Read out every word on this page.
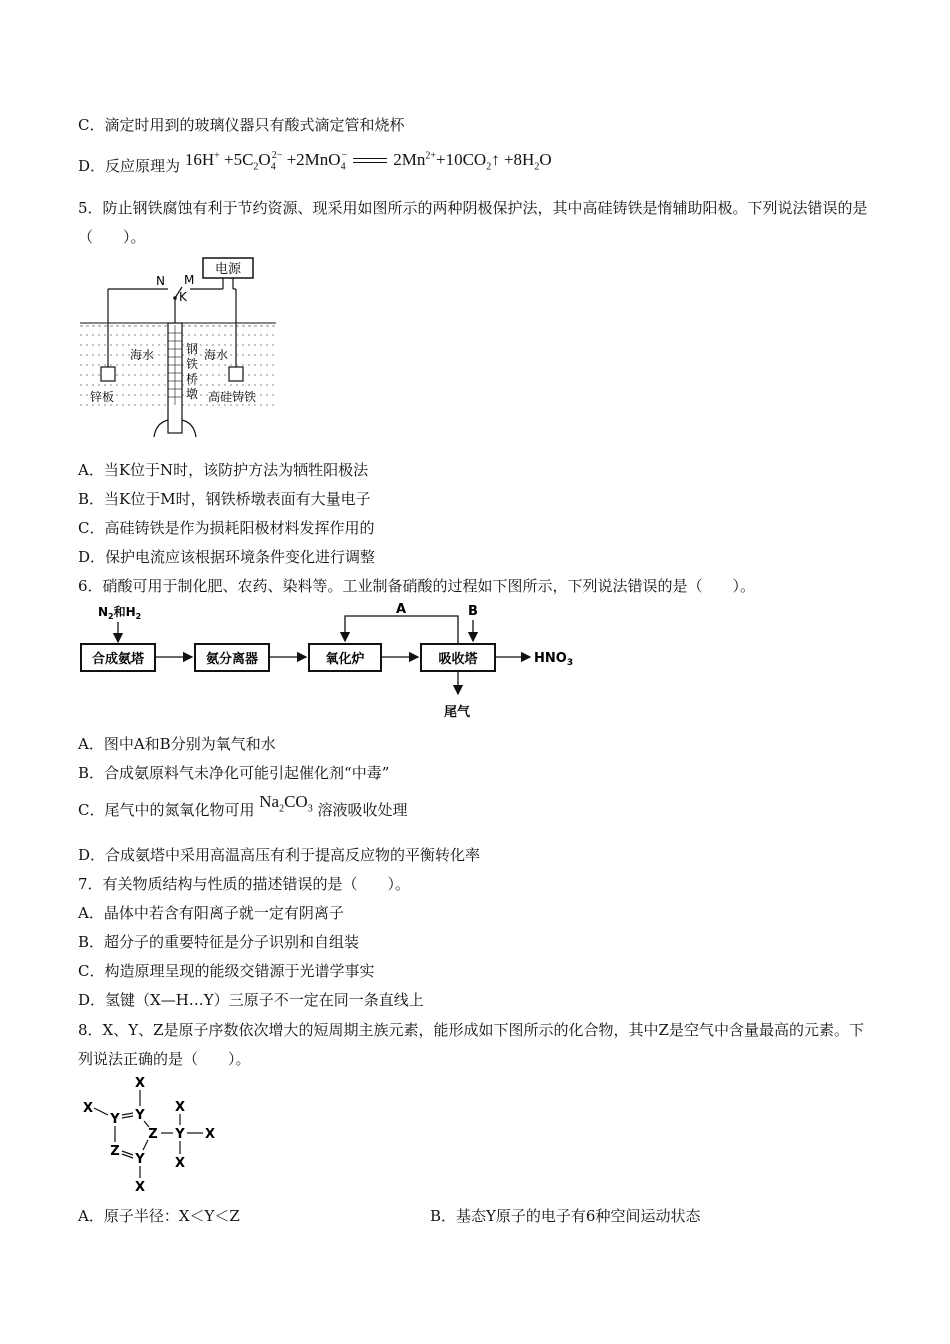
C．滴定时用到的玻璃仪器只有酸式滴定管和烧杯
D．反应原理为 $16H^+ +5C_2O_4^{2-} +2MnO_4^-$	$2Mn^{2+}+10CO_2↑ +8H_2O$
5．防止钢铁腐蚀有利于节约资源、现采用如图所示的两种阴极保护法，其中高硅铸铁是惰辅助阳极。下列说法错误的是（　　）。
电源
N M
K
钢
铁
桥
墩
海水	海水
锌板	高硅铸铁
A．当K位于N时，该防护方法为牺牲阳极法
B．当K位于M时，钢铁桥墩表面有大量电子
C．高硅铸铁是作为损耗阳极材料发挥作用的
D．保护电流应该根据环境条件变化进行调整
6．硝酸可用于制化肥、农药、染料等。工业制备硝酸的过程如下图所示，下列说法错误的是（　　）。
$N_2$和$H_2$
合成氨塔	氨分离器	氧化炉	吸收塔	$HNO_3$
A	B
尾气
A．图中A和B分别为氧气和水
B．合成氨原料气未净化可能引起催化剂“中毒”
C．尾气中的氮氧化物可用 $Na_2CO_3$ 溶液吸收处理
D．合成氨塔中采用高温高压有利于提高反应物的平衡转化率
7．有关物质结构与性质的描述错误的是（　　）。
A．晶体中若含有阳离子就一定有阴离子
B．超分子的重要特征是分子识别和自组装
C．构造原理呈现的能级交错源于光谱学事实
D．氢键（X—H…Y）三原子不一定在同一条直线上
8．X、Y、Z是原子序数依次增大的短周期主族元素，能形成如下图所示的化合物，其中Z是空气中含量最高的元素。下列说法正确的是（　　）。
X
X
Y Y
Z
X
Y X
X
Z
Y
X
A．原子半径：X＜Y＜Z	B．基态Y原子的电子有6种空间运动状态
